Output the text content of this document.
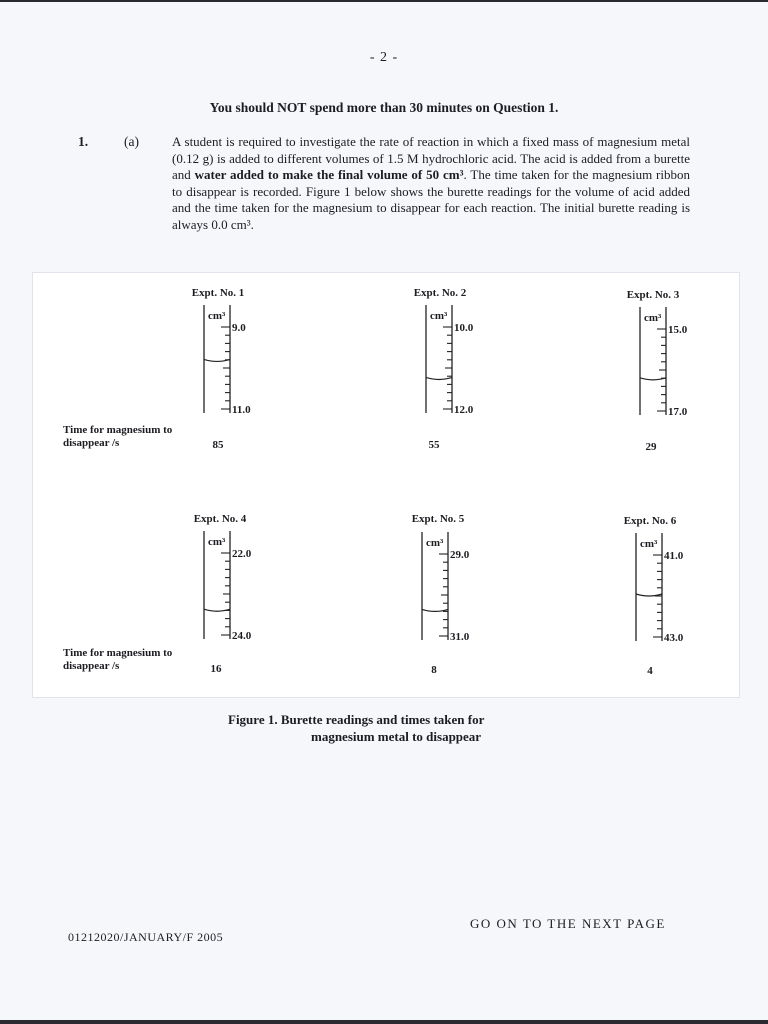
- 2 -
You should NOT spend more than 30 minutes on Question 1.
1.	(a)	A student is required to investigate the rate of reaction in which a fixed mass of magnesium metal (0.12 g) is added to different volumes of 1.5 M hydrochloric acid. The acid is added from a burette and water added to make the final volume of 50 cm³. The time taken for the magnesium ribbon to disappear is recorded. Figure 1 below shows the burette readings for the volume of acid added and the time taken for the magnesium to disappear for each reaction. The initial burette reading is always 0.0 cm³.
Expt. No. 1	Expt. No. 2	Expt. No. 3
cm³
9.0
11.0
cm³
10.0
12.0
cm³
15.0
17.0
Time for magnesium to disappear /s	85	55	29
Expt. No. 4	Expt. No. 5	Expt. No. 6
cm³
22.0
24.0
cm³
29.0
31.0
cm³
41.0
43.0
Time for magnesium to disappear /s	16	8	4
Figure 1. Burette readings and times taken for
magnesium metal to disappear
GO ON TO THE NEXT PAGE
01212020/JANUARY/F 2005
